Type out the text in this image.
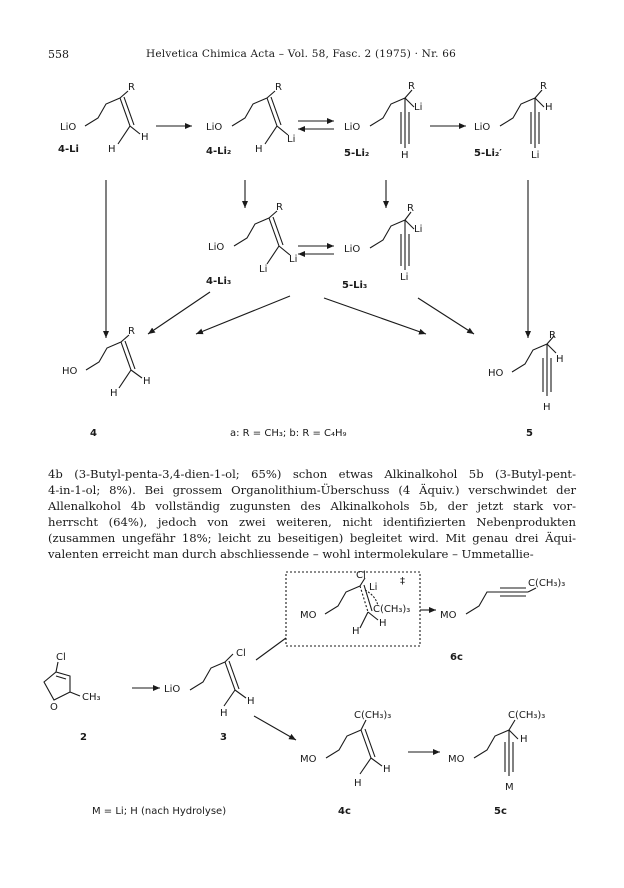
558	Helvetica Chimica Acta – Vol. 58, Fasc. 2 (1975) · Nr. 66
LiO
R
H
H
4-Li
LiO
R
Li
H
4-Li₂
LiO
R
Li
H
5-Li₂
LiO
R
H
Li
5-Li₂′
LiO
R
Li
Li
4-Li₃
LiO
R
Li
Li
5-Li₃
HO
R
H
H
4
HO
R
H
H
5
a: R = CH₃; b: R = C₄H₉
4b (3-Butyl-penta-3,4-dien-1-ol; 65%) schon etwas Alkinalkohol 5b (3-Butyl-pent-
4-in-1-ol; 8%). Bei grossem Organolithium-Überschuss (4 Äquiv.) verschwindet der
Allenalkohol 4b vollständig zugunsten des Alkinalkohols 5b, der jetzt stark vor-
herrscht (64%), jedoch von zwei weiteren, nicht identifizierten Nebenprodukten
(zusammen ungefähr 18%; leicht zu beseitigen) begleitet wird. Mit genau drei Äqui-
valenten erreicht man durch abschliessende – wohl intermolekulare – Ummetallie-
‡
Cl
Li
C(CH₃)₃
H
H
MO	MO
C(CH₃)₃
6c
Cl
CH₃
O
2
LiO
Cl
H
H
3
MO
C(CH₃)₃
H
H
4c
MO
C(CH₃)₃
H
M
5c
M = Li; H (nach Hydrolyse)
